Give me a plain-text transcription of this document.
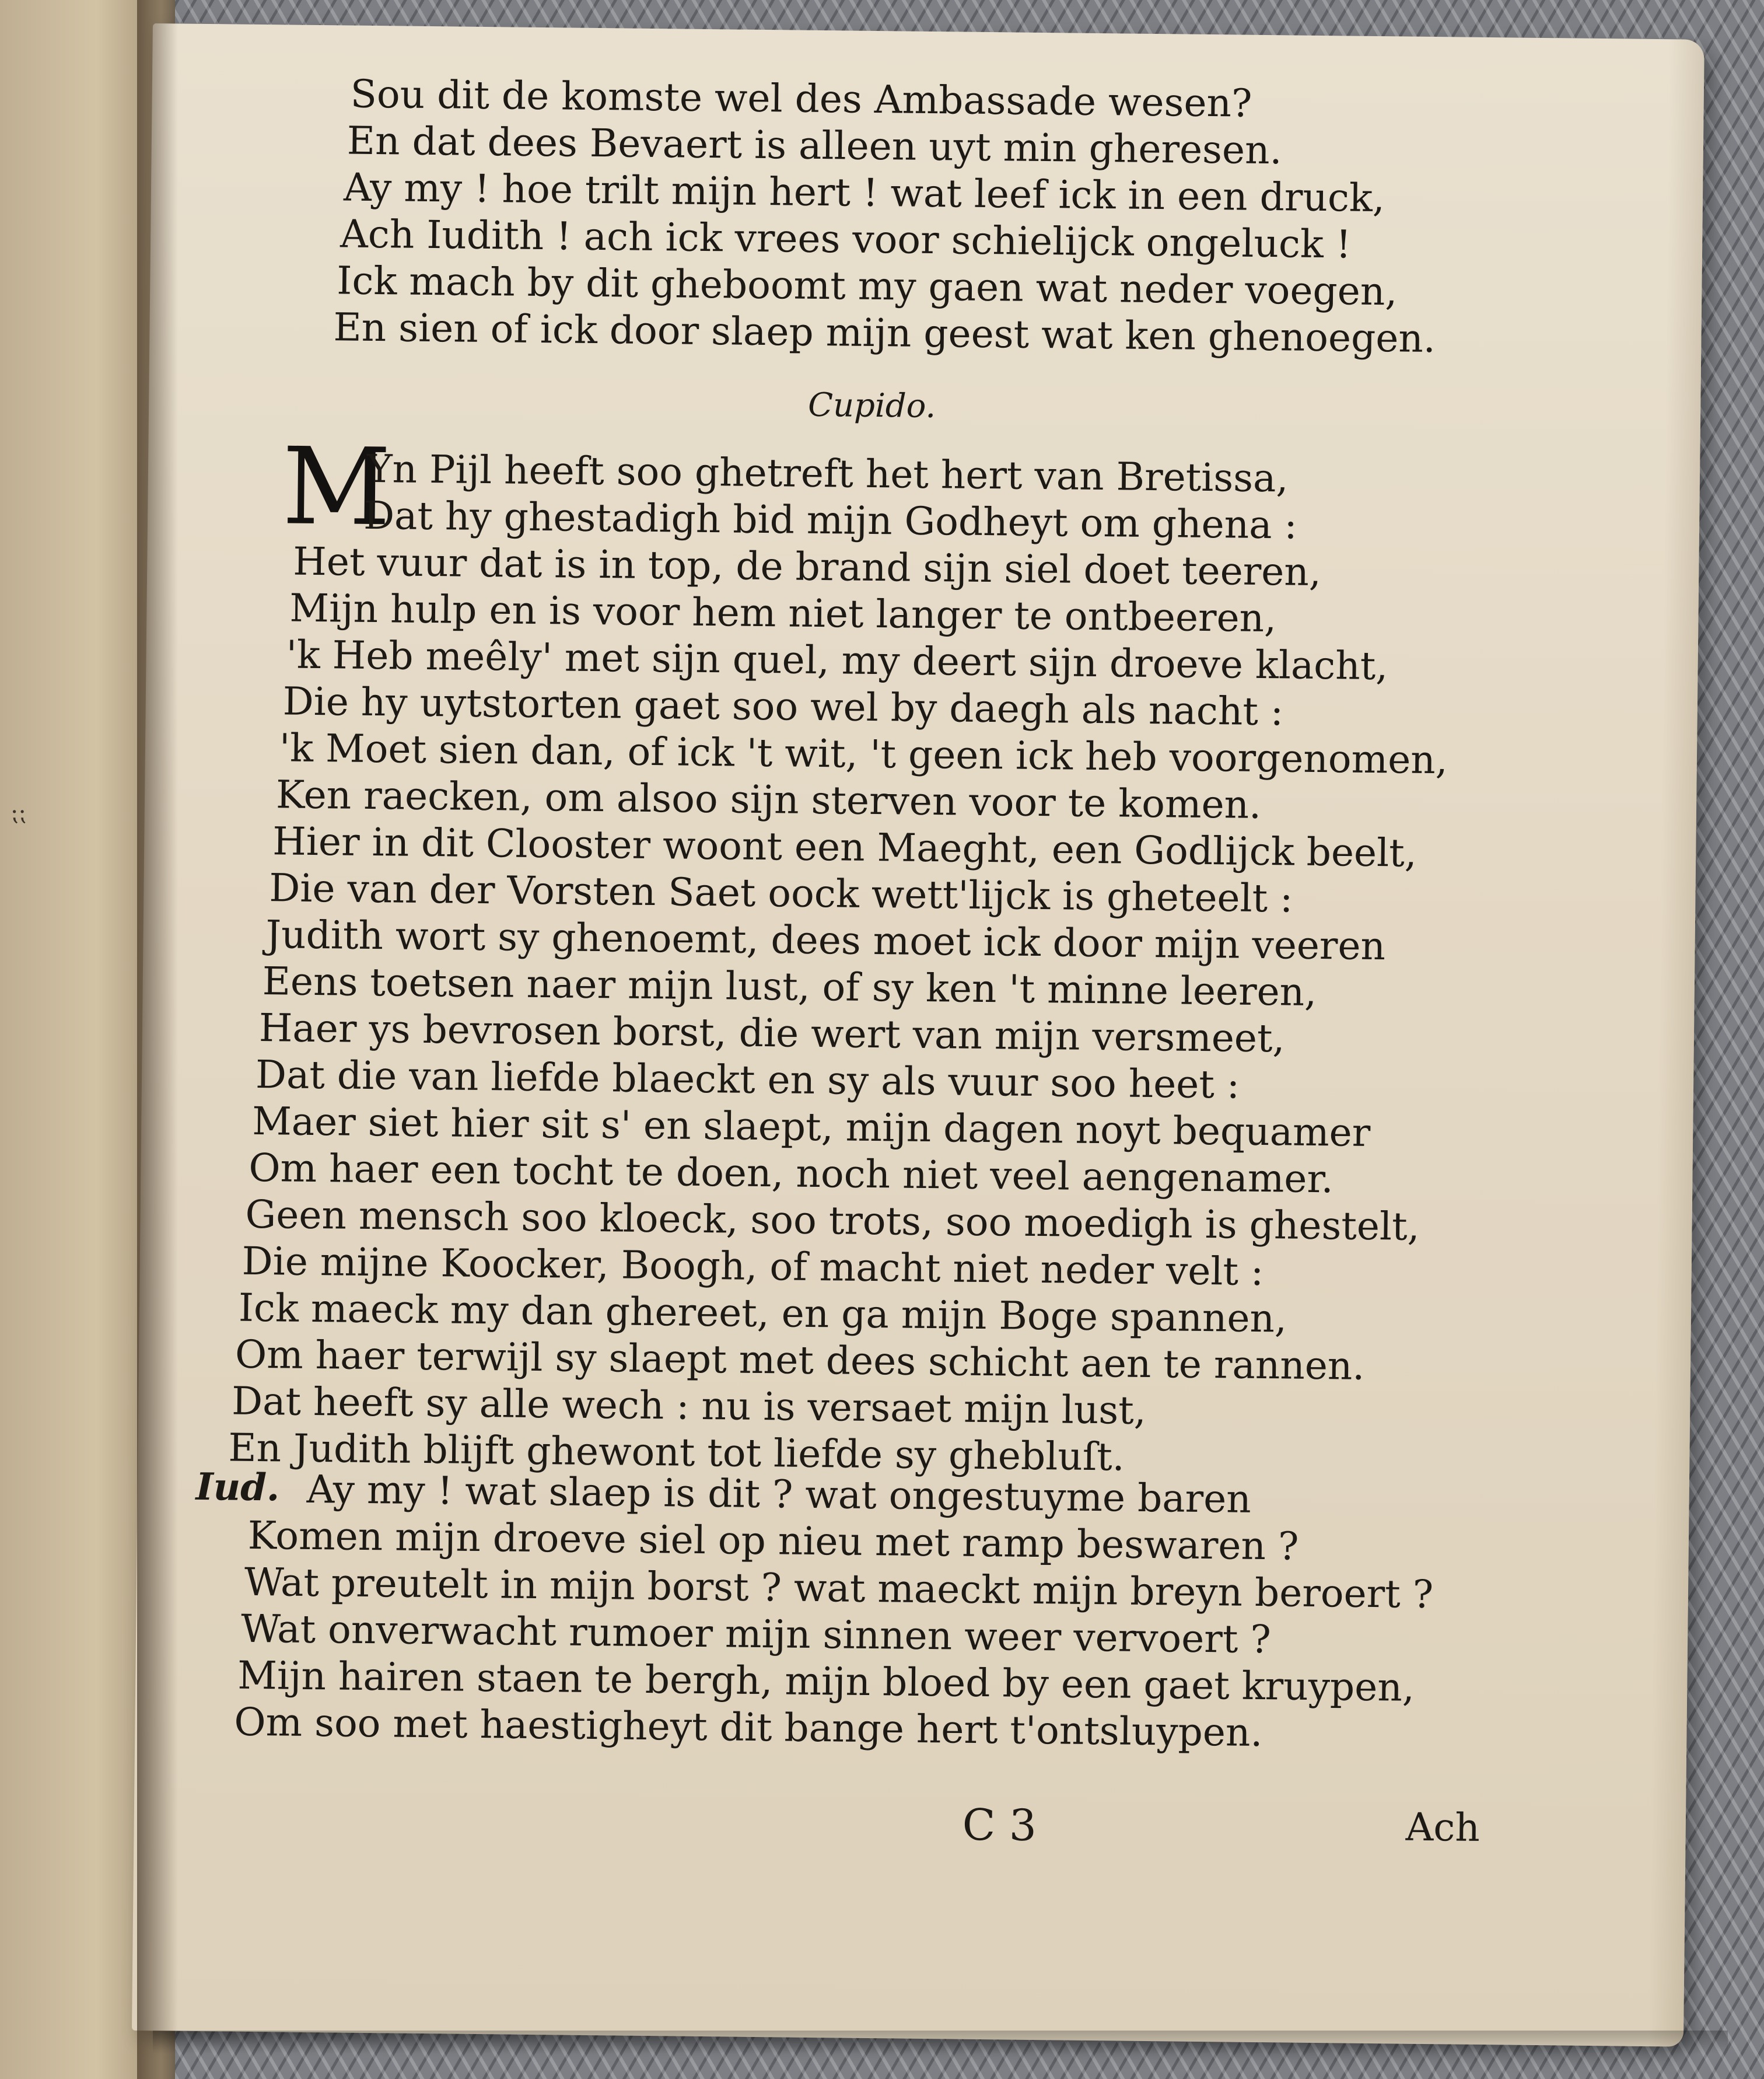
⁏⁏

Sou dit de komste wel des Ambassade wesen?

En dat dees Bevaert is alleen uyt min gheresen.

Ay my ! hoe trilt mijn hert ! wat leef ick in een druck,

Ach Iudith ! ach ick vrees voor schielijck ongeluck !

Ick mach by dit gheboomt my gaen wat neder voegen,

En sien of ick door slaep mijn geest wat ken ghenoegen.

Cupido.
M

Yn Pijl heeft soo ghetreft het hert van Bretissa,

Dat hy ghestadigh bid mijn Godheyt om ghena :

Het vuur dat is in top, de brand sijn siel doet teeren,

Mijn hulp en is voor hem niet langer te ontbeeren,

'k Heb meêly' met sijn quel, my deert sijn droeve klacht,

Die hy uytstorten gaet soo wel by daegh als nacht :

'k Moet sien dan, of ick 't wit, 't geen ick heb voorgenomen,

Ken raecken, om alsoo sijn sterven voor te komen.

Hier in dit Clooster woont een Maeght, een Godlijck beelt,

Die van der Vorsten Saet oock wett'lijck is gheteelt :

Judith wort sy ghenoemt, dees moet ick door mijn veeren

Eens toetsen naer mijn lust, of sy ken 't minne leeren,

Haer ys bevrosen borst, die wert van mijn versmeet,

Dat die van liefde blaeckt en sy als vuur soo heet :

Maer siet hier sit s' en slaept, mijn dagen noyt bequamer

Om haer een tocht te doen, noch niet veel aengenamer.

Geen mensch soo kloeck, soo trots, soo moedigh is ghestelt,

Die mijne Koocker, Boogh, of macht niet neder velt :

Ick maeck my dan ghereet, en ga mijn Boge spannen,

Om haer terwijl sy slaept met dees schicht aen te rannen.

Dat heeft sy alle wech : nu is versaet mijn lust,

En Judith blijft ghewont tot liefde sy ghebluſt.

Iud. Ay my ! wat slaep is dit ? wat ongestuyme baren

Komen mijn droeve siel op nieu met ramp beswaren ?

Wat preutelt in mijn borst ? wat maeckt mijn breyn beroert ?

Wat onverwacht rumoer mijn sinnen weer vervoert ?

Mijn hairen staen te bergh, mijn bloed by een gaet kruypen,

Om soo met haestigheyt dit bange hert t'ontsluypen.

C 3	Ach
